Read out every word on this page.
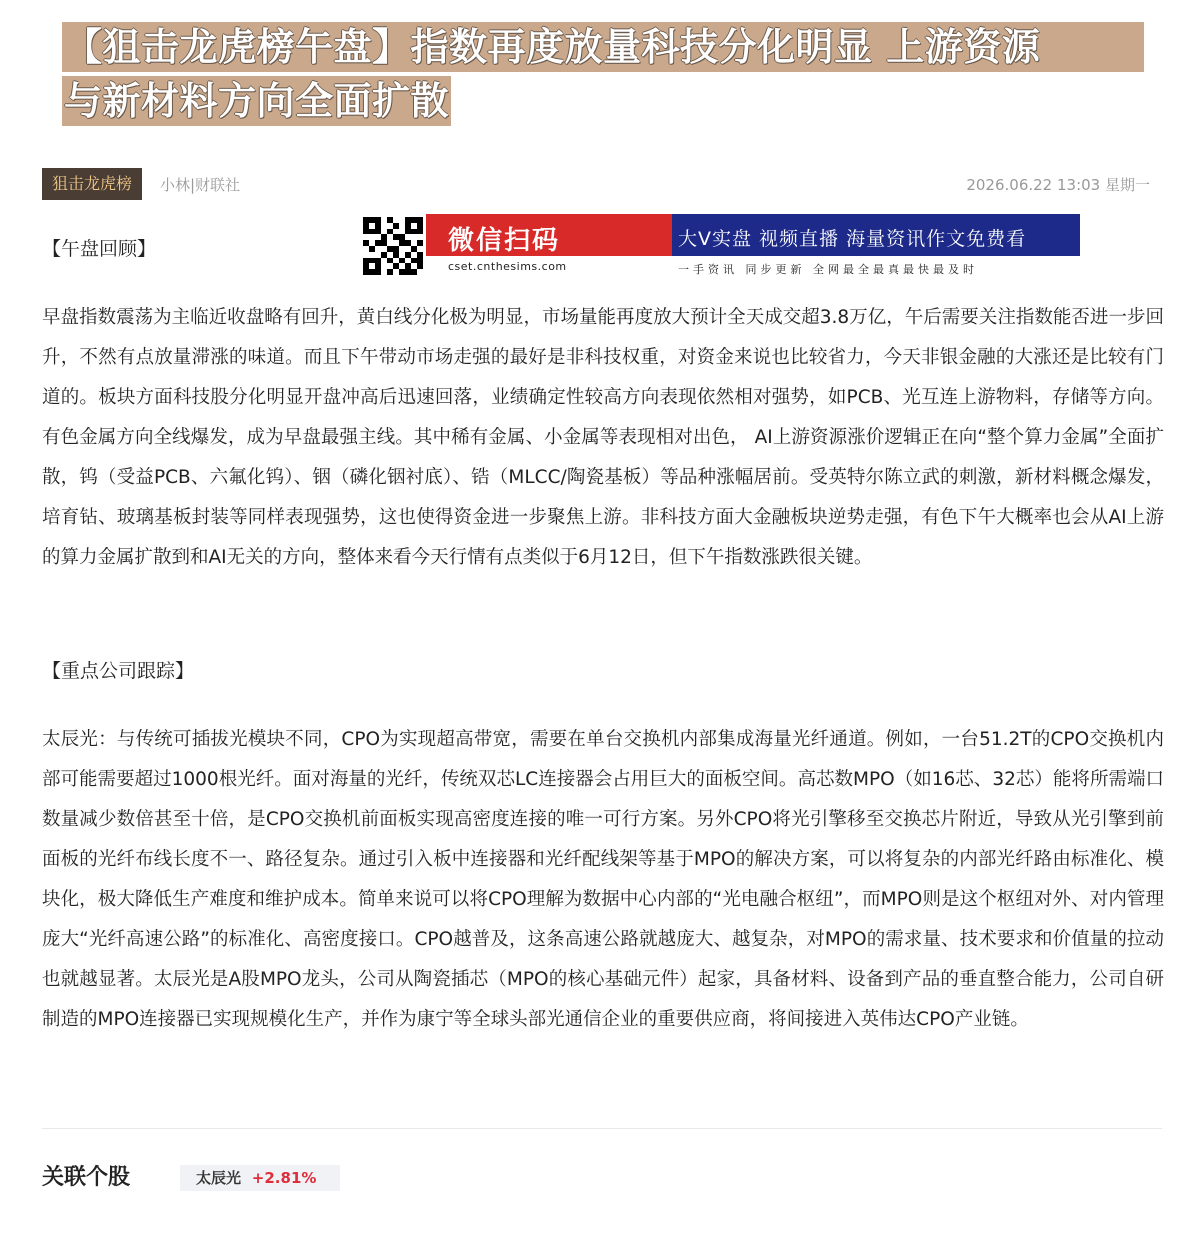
【狙击龙虎榜午盘】指数再度放量科技分化明显 上游资源
与新材料方向全面扩散
狙击龙虎榜	小林|财联社	2026.06.22 13:03 星期一
【午盘回顾】	微信扫码
cset.cnthesims.com
大V实盘 视频直播 海量资讯作文免费看
一手资讯 同步更新 全网最全最真最快最及时

早盘指数震荡为主临近收盘略有回升，黄白线分化极为明显，市场量能再度放大预计全天成交超3.8万亿，午后需要关注指数能否进一步回升，不然有点放量滞涨的味道。而且下午带动市场走强的最好是非科技权重，对资金来说也比较省力，今天非银金融的大涨还是比较有门道的。板块方面科技股分化明显开盘冲高后迅速回落，业绩确定性较高方向表现依然相对强势，如PCB、光互连上游物料，存储等方向。有色金属方向全线爆发，成为早盘最强主线。其中稀有金属、小金属等表现相对出色， AI上游资源涨价逻辑正在向“整个算力金属”全面扩散，钨（受益PCB、六氟化钨）、铟（磷化铟衬底）、锆（MLCC/陶瓷基板）等品种涨幅居前。受英特尔陈立武的刺激，新材料概念爆发，培育钻、玻璃基板封装等同样表现强势，这也使得资金进一步聚焦上游。非科技方面大金融板块逆势走强，有色下午大概率也会从AI上游的算力金属扩散到和AI无关的方向，整体来看今天行情有点类似于6月12日，但下午指数涨跌很关键。

【重点公司跟踪】

太辰光：与传统可插拔光模块不同，CPO为实现超高带宽，需要在单台交换机内部集成海量光纤通道。例如，一台51.2T的CPO交换机内部可能需要超过1000根光纤。面对海量的光纤，传统双芯LC连接器会占用巨大的面板空间。高芯数MPO（如16芯、32芯）能将所需端口数量减少数倍甚至十倍，是CPO交换机前面板实现高密度连接的唯一可行方案。另外CPO将光引擎移至交换芯片附近，导致从光引擎到前面板的光纤布线长度不一、路径复杂。通过引入板中连接器和光纤配线架等基于MPO的解决方案，可以将复杂的内部光纤路由标准化、模块化，极大降低生产难度和维护成本。简单来说可以将CPO理解为数据中心内部的“光电融合枢纽”，而MPO则是这个枢纽对外、对内管理庞大“光纤高速公路”的标准化、高密度接口。CPO越普及，这条高速公路就越庞大、越复杂，对MPO的需求量、技术要求和价值量的拉动也就越显著。太辰光是A股MPO龙头，公司从陶瓷插芯（MPO的核心基础元件）起家，具备材料、设备到产品的垂直整合能力，公司自研制造的MPO连接器已实现规模化生产，并作为康宁等全球头部光通信企业的重要供应商，将间接进入英伟达CPO产业链。

关联个股	太辰光 +2.81%
